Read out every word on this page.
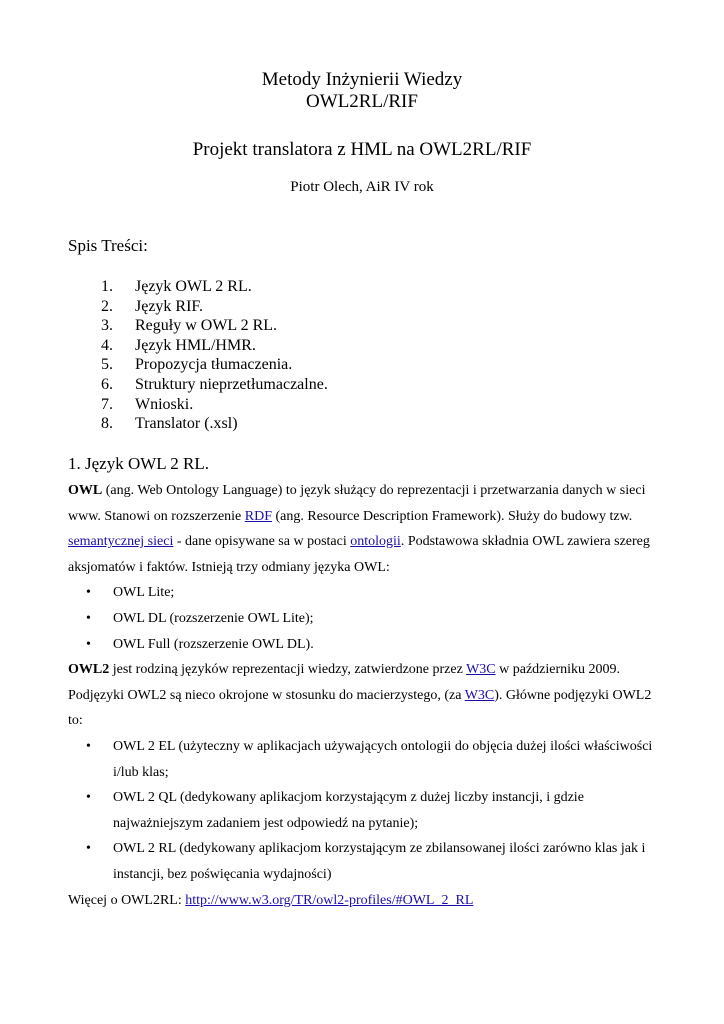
Metody Inżynierii Wiedzy
OWL2RL/RIF
Projekt translatora z HML na OWL2RL/RIF
Piotr Olech, AiR IV rok
Spis Treści:
1.	Język OWL 2 RL.
2.	Język RIF.
3.	Reguły w OWL 2 RL.
4.	Język HML/HMR.
5.	Propozycja tłumaczenia.
6.	Struktury nieprzetłumaczalne.
7.	Wnioski.
8.	Translator (.xsl)
1. Język OWL 2 RL.

OWL (ang. Web Ontology Language) to język służący do reprezentacji i przetwarzania danych w sieci www. Stanowi on rozszerzenie RDF (ang. Resource Description Framework). Służy do budowy tzw. semantycznej sieci - dane opisywane sa w postaci ontologii. Podstawowa składnia OWL zawiera szereg aksjomatów i faktów. Istnieją trzy odmiany języka OWL:

• OWL Lite;
• OWL DL (rozszerzenie OWL Lite);
• OWL Full (rozszerzenie OWL DL).

OWL2 jest rodziną języków reprezentacji wiedzy, zatwierdzone przez W3C w październiku 2009. Podjęzyki OWL2 są nieco okrojone w stosunku do macierzystego, (za W3C). Główne podjęzyki OWL2 to:

• OWL 2 EL (użyteczny w aplikacjach używających ontologii do objęcia dużej ilości właściwości i/lub klas;
• OWL 2 QL (dedykowany aplikacjom korzystającym z dużej liczby instancji, i gdzie najważniejszym zadaniem jest odpowiedź na pytanie);
• OWL 2 RL (dedykowany aplikacjom korzystającym ze zbilansowanej ilości zarówno klas jak i instancji, bez poświęcania wydajności)

Więcej o OWL2RL: http://www.w3.org/TR/owl2-profiles/#OWL_2_RL
